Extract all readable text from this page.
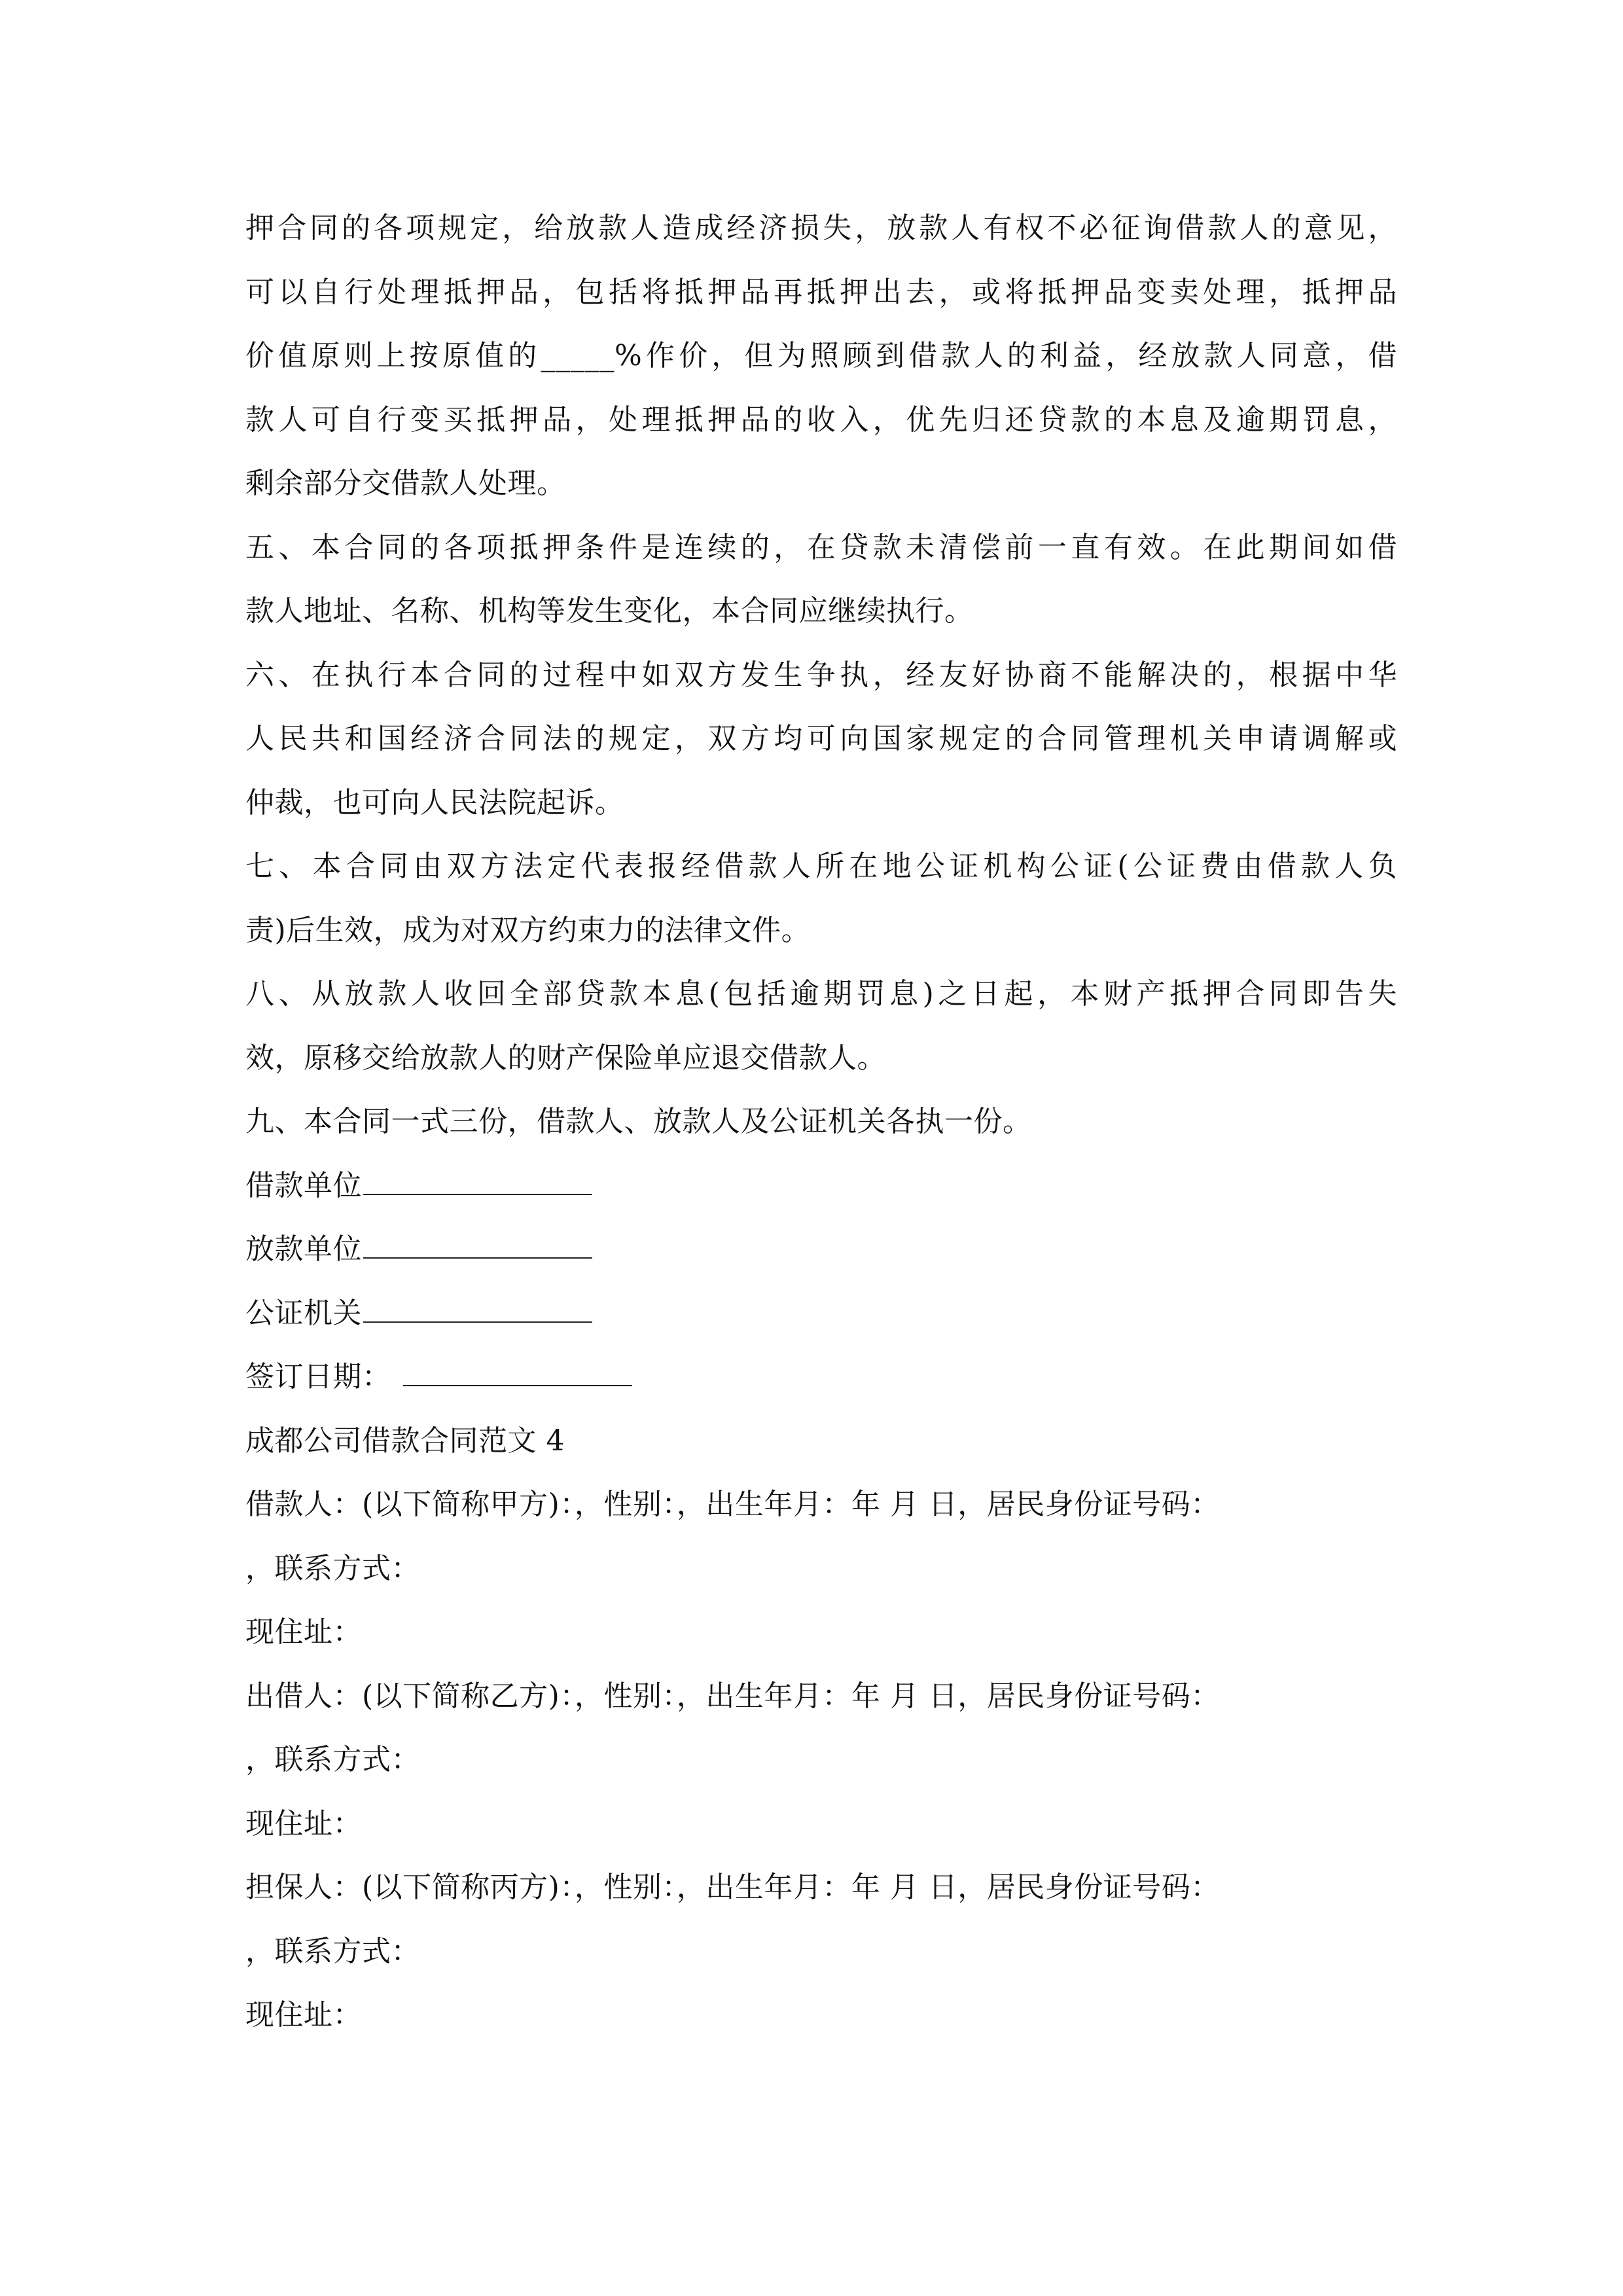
押合同的各项规定，给放款人造成经济损失，放款人有权不必征询借款人的意见，
可以自行处理抵押品，包括将抵押品再抵押出去，或将抵押品变卖处理，抵押品
价值原则上按原值的_____%作价，但为照顾到借款人的利益，经放款人同意，借
款人可自行变买抵押品，处理抵押品的收入，优先归还贷款的本息及逾期罚息，
剩余部分交借款人处理。
五、本合同的各项抵押条件是连续的，在贷款未清偿前一直有效。在此期间如借
款人地址、名称、机构等发生变化，本合同应继续执行。
六、在执行本合同的过程中如双方发生争执，经友好协商不能解决的，根据中华
人民共和国经济合同法的规定，双方均可向国家规定的合同管理机关申请调解或
仲裁，也可向人民法院起诉。
七、本合同由双方法定代表报经借款人所在地公证机构公证(公证费由借款人负
责)后生效，成为对双方约束力的法律文件。
八、从放款人收回全部贷款本息(包括逾期罚息)之日起，本财产抵押合同即告失
效，原移交给放款人的财产保险单应退交借款人。
九、本合同一式三份，借款人、放款人及公证机关各执一份。
借款单位
放款单位
公证机关
签订日期：
成都公司借款合同范文 4
借款人：(以下简称甲方)：，性别：，出生年月：年 月 日，居民身份证号码：
，联系方式：
现住址：
出借人：(以下简称乙方)：，性别：，出生年月：年 月 日，居民身份证号码：
，联系方式：
现住址：
担保人：(以下简称丙方)：，性别：，出生年月：年 月 日，居民身份证号码：
，联系方式：
现住址：
